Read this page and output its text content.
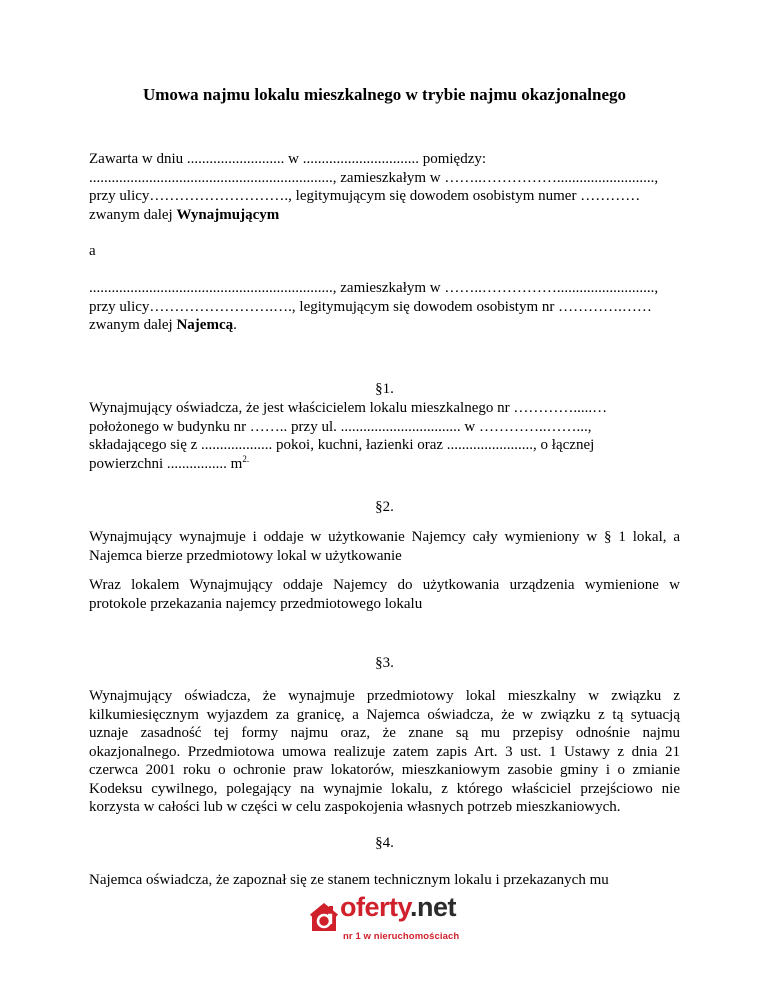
Umowa najmu lokalu mieszkalnego w trybie najmu okazjonalnego
Zawarta w dniu .......................... w ............................... pomiędzy:
................................................................., zamieszkałym w ……..……………..........................,
przy ulicy………………………., legitymującym się dowodem osobistym numer …………
zwanym dalej Wynajmującym
a
................................................................., zamieszkałym w ……..……………..........................,
przy ulicy…………………….…., legitymującym się dowodem osobistym nr ………….……
zwanym dalej Najemcą.
§1.
Wynajmujący oświadcza, że jest właścicielem lokalu mieszkalnego nr ………….....…
położonego w budynku nr …….. przy ul. ................................ w …………..……...,
składającego się z ................... pokoi, kuchni, łazienki oraz ......................., o łącznej
powierzchni ................ $m^{2.}$
§2.
Wynajmujący wynajmuje i oddaje w użytkowanie Najemcy cały wymieniony w § 1 lokal, a
Najemca bierze przedmiotowy lokal w użytkowanie
Wraz lokalem Wynajmujący oddaje Najemcy do użytkowania urządzenia wymienione w
protokole przekazania najemcy przedmiotowego lokalu
§3.
Wynajmujący oświadcza, że wynajmuje przedmiotowy lokal mieszkalny w związku z
kilkumiesięcznym wyjazdem za granicę, a Najemca oświadcza, że w związku z tą sytuacją
uznaje zasadność tej formy najmu oraz, że znane są mu przepisy odnośnie najmu
okazjonalnego. Przedmiotowa umowa realizuje zatem zapis Art. 3 ust. 1 Ustawy z dnia 21
czerwca 2001 roku o ochronie praw lokatorów, mieszkaniowym zasobie gminy i o zmianie
Kodeksu cywilnego, polegający na wynajmie lokalu, z którego właściciel przejściowo nie
korzysta w całości lub w części w celu zaspokojenia własnych potrzeb mieszkaniowych.
§4.
Najemca oświadcza, że zapoznał się ze stanem technicznym lokalu i przekazanych mu
oferty.net
nr 1 w nieruchomościach
